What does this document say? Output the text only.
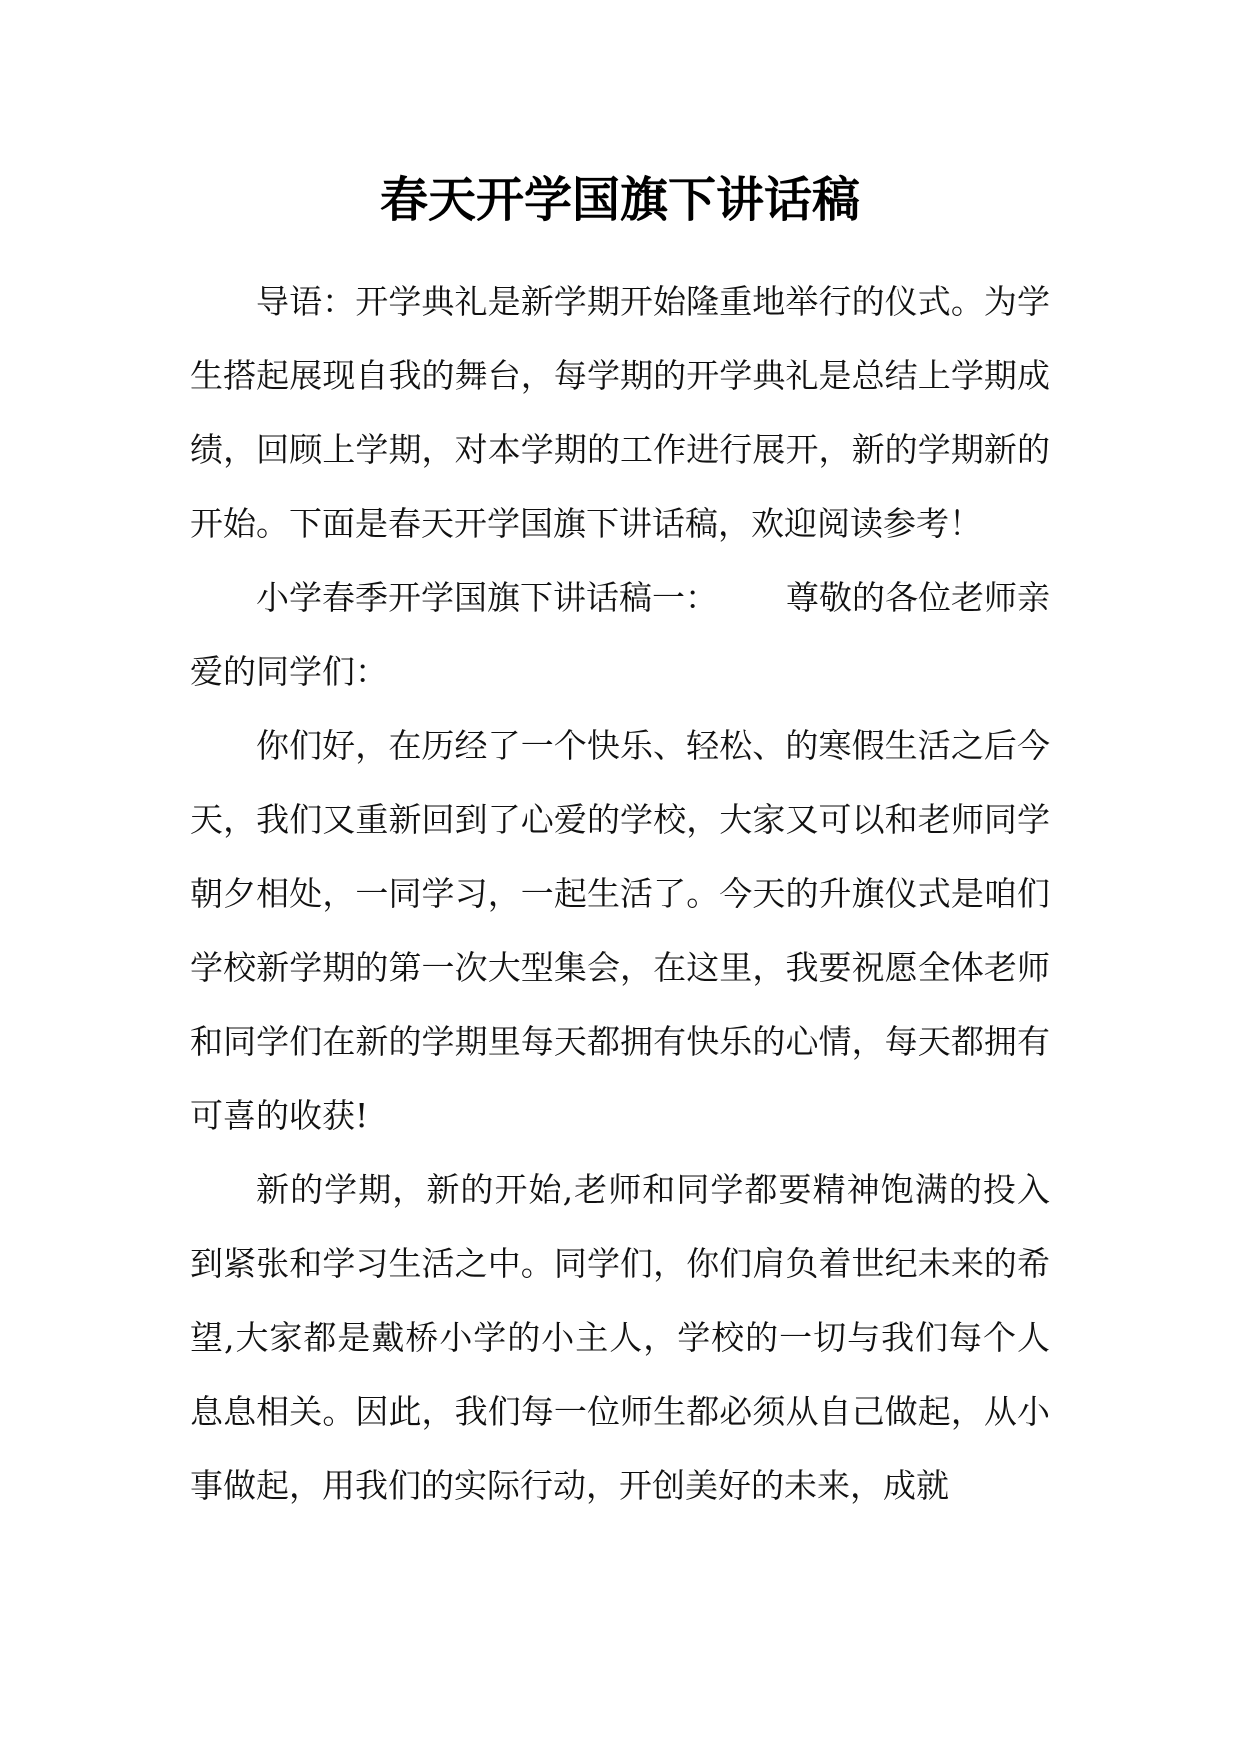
春天开学国旗下讲话稿

导语：开学典礼是新学期开始隆重地举行的仪式。为学生搭起展现自我的舞台，每学期的开学典礼是总结上学期成绩，回顾上学期，对本学期的工作进行展开，新的学期新的开始。下面是春天开学国旗下讲话稿，欢迎阅读参考！

小学春季开学国旗下讲话稿一： 尊敬的各位老师亲爱的同学们：

你们好，在历经了一个快乐、轻松、的寒假生活之后今天，我们又重新回到了心爱的学校，大家又可以和老师同学朝夕相处，一同学习，一起生活了。今天的升旗仪式是咱们学校新学期的第一次大型集会，在这里，我要祝愿全体老师和同学们在新的学期里每天都拥有快乐的心情，每天都拥有可喜的收获!

新的学期，新的开始,老师和同学都要精神饱满的投入到紧张和学习生活之中。同学们，你们肩负着世纪未来的希望,大家都是戴桥小学的小主人，学校的一切与我们每个人息息相关。因此，我们每一位师生都必须从自己做起，从小事做起，用我们的实际行动，开创美好的未来，成就
